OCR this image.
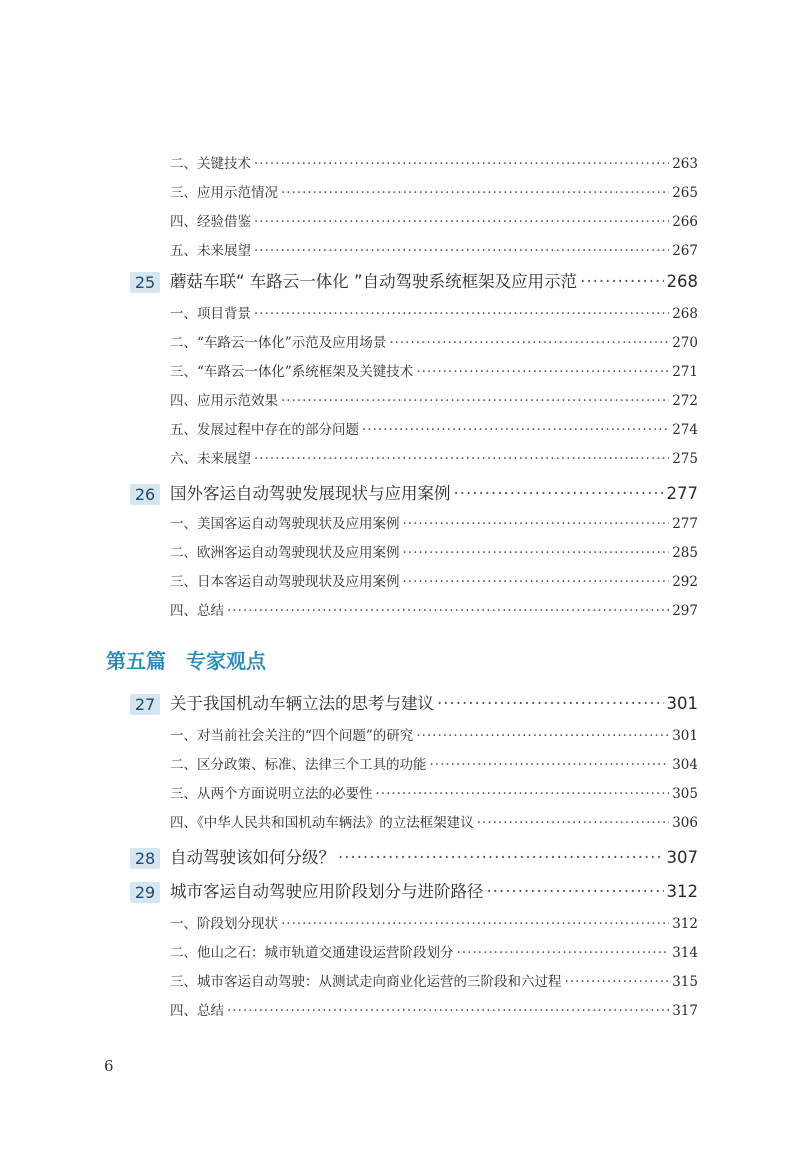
二、关键技术 ·····	263
三、应用示范情况 ·····	265
四、经验借鉴 ·····	266
五、未来展望 ·····	267
25 蘑菇车联“ 车路云一体化 ”自动驾驶系统框架及应用示范 ·····	268
一、项目背景 ·····	268
二、“车路云一体化”示范及应用场景 ·····	270
三、“车路云一体化”系统框架及关键技术 ·····	271
四、应用示范效果 ·····	272
五、发展过程中存在的部分问题 ·····	274
六、未来展望 ·····	275
26 国外客运自动驾驶发展现状与应用案例 ·····	277
一、美国客运自动驾驶现状及应用案例 ·····	277
二、欧洲客运自动驾驶现状及应用案例 ·····	285
三、日本客运自动驾驶现状及应用案例 ·····	292
四、总结 ·····	297
27 关于我国机动车辆立法的思考与建议 ·····	301
一、对当前社会关注的“四个问题”的研究 ·····	301
二、区分政策、标准、法律三个工具的功能 ·····	304
三、从两个方面说明立法的必要性 ·····	305
四、《中华人民共和国机动车辆法》的立法框架建议 ·····	306
28 自动驾驶该如何分级？ ·····	307
29 城市客运自动驾驶应用阶段划分与进阶路径 ·····	312
一、阶段划分现状 ·····	312
二、他山之石：城市轨道交通建设运营阶段划分 ·····	314
三、城市客运自动驾驶：从测试走向商业化运营的三阶段和六过程 ·····	315
四、总结 ·····	317
6
第五篇　专家观点
